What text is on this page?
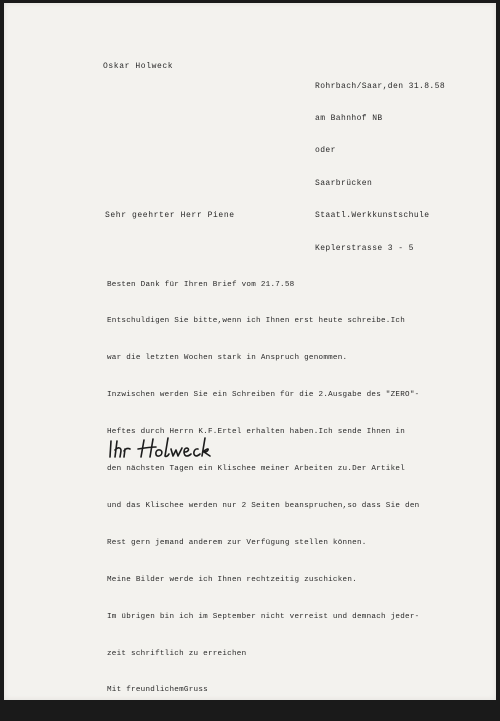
Oskar Holweck

Rohrbach/Saar,den 31.8.58

am Bahnhof NB

oder

Saarbrücken

Staatl.Werkkunstschule

Keplerstrasse 3 - 5

Sehr geehrter Herr Piene

Besten Dank für Ihren Brief vom 21.7.58

Entschuldigen Sie bitte,wenn ich Ihnen erst heute schreibe.Ich

war die letzten Wochen stark in Anspruch genommen.

Inzwischen werden Sie ein Schreiben für die 2.Ausgabe des "ZERO"-

Heftes durch Herrn K.F.Ertel erhalten haben.Ich sende Ihnen in

den nächsten Tagen ein Klischee meiner Arbeiten zu.Der Artikel

und das Klischee werden nur 2 Seiten beanspruchen,so dass Sie den

Rest gern jemand anderem zur Verfügung stellen können.

Meine Bilder werde ich Ihnen rechtzeitig zuschicken.

Im übrigen bin ich im September nicht verreist und demnach jeder-

zeit schriftlich zu erreichen

Mit freundlichemGruss
